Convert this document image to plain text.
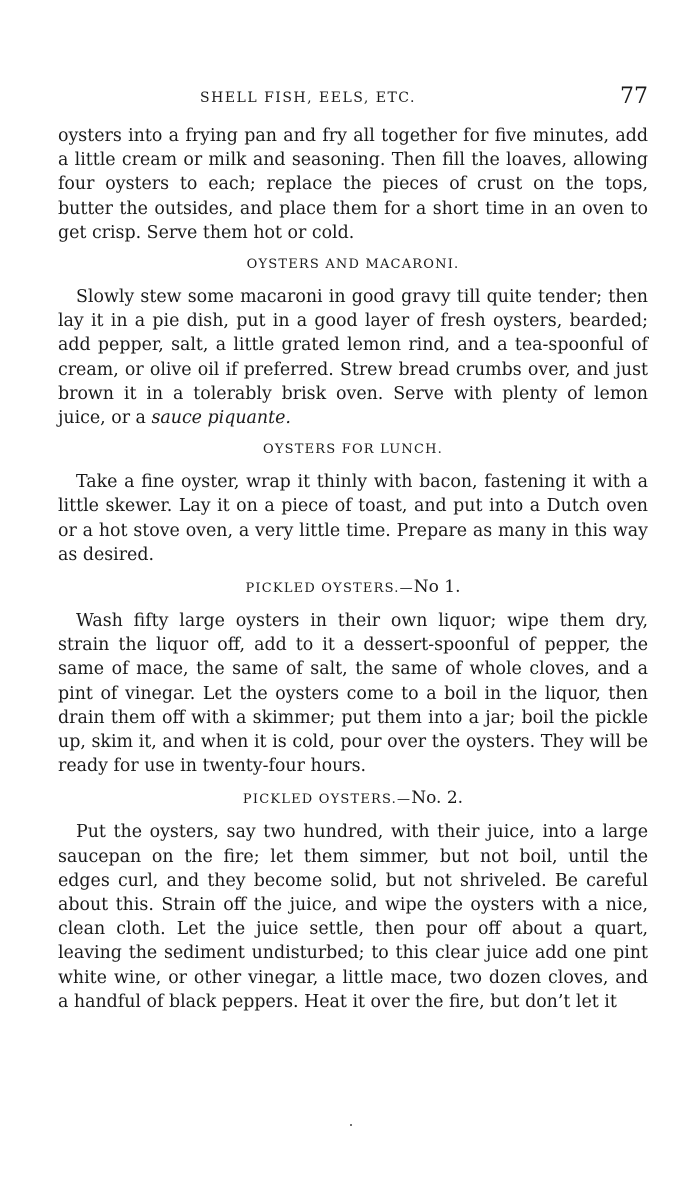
SHELL FISH, EELS, ETC.	77

oysters into a frying pan and fry all together for five minutes, add a little cream or milk and seasoning. Then fill the loaves, allowing four oysters to each; replace the pieces of crust on the tops, butter the outsides, and place them for a short time in an oven to get crisp. Serve them hot or cold.

OYSTERS AND MACARONI.

Slowly stew some macaroni in good gravy till quite tender; then lay it in a pie dish, put in a good layer of fresh oysters, bearded; add pepper, salt, a little grated lemon rind, and a tea-spoonful of cream, or olive oil if preferred. Strew bread crumbs over, and just brown it in a tolerably brisk oven. Serve with plenty of lemon juice, or a sauce piquante.

OYSTERS FOR LUNCH.

Take a fine oyster, wrap it thinly with bacon, fastening it with a little skewer. Lay it on a piece of toast, and put into a Dutch oven or a hot stove oven, a very little time. Prepare as many in this way as desired.

PICKLED OYSTERS.—No 1.

Wash fifty large oysters in their own liquor; wipe them dry, strain the liquor off, add to it a dessert-spoonful of pepper, the same of mace, the same of salt, the same of whole cloves, and a pint of vinegar. Let the oysters come to a boil in the liquor, then drain them off with a skimmer; put them into a jar; boil the pickle up, skim it, and when it is cold, pour over the oysters. They will be ready for use in twenty-four hours.

PICKLED OYSTERS.—No. 2.

Put the oysters, say two hundred, with their juice, into a large saucepan on the fire; let them simmer, but not boil, until the edges curl, and they become solid, but not shriveled. Be careful about this. Strain off the juice, and wipe the oysters with a nice, clean cloth. Let the juice settle, then pour off about a quart, leaving the sediment undisturbed; to this clear juice add one pint white wine, or other vinegar, a little mace, two dozen cloves, and a handful of black peppers. Heat it over the fire, but don’t let it
